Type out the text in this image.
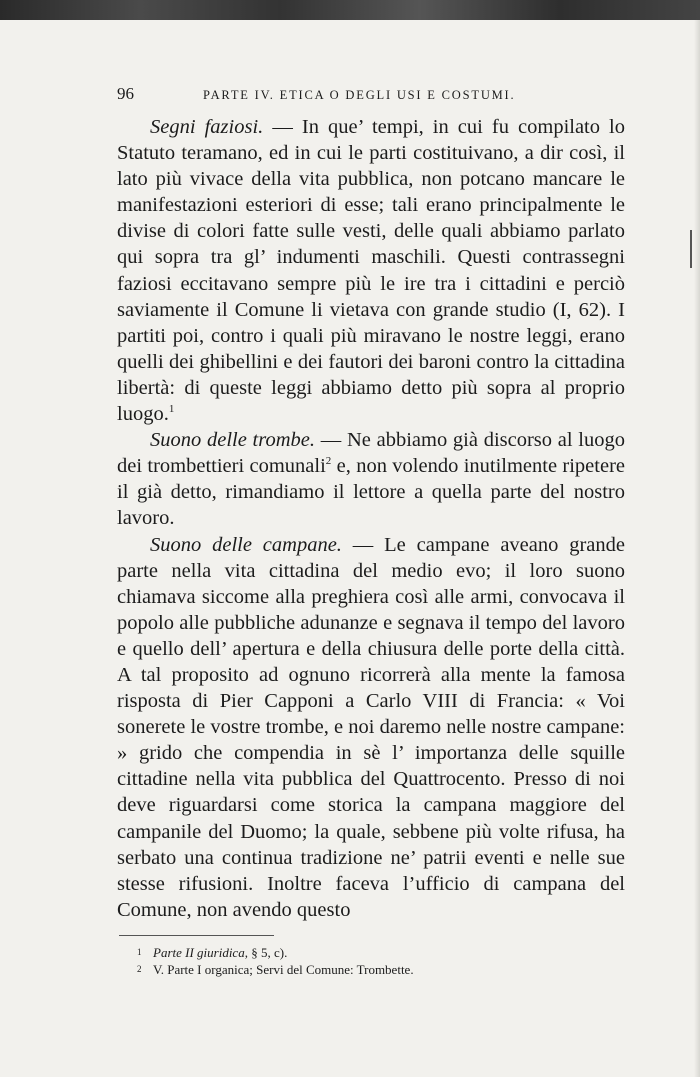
96	PARTE IV. ETICA O DEGLI USI E COSTUMI.

Segni faziosi. — In que’ tempi, in cui fu compilato lo Statuto teramano, ed in cui le parti costituivano, a dir così, il lato più vivace della vita pubblica, non potcano mancare le manifestazioni esteriori di esse; tali erano principalmente le divise di colori fatte sulle vesti, delle quali abbiamo parlato qui sopra tra gl’ indumenti maschili. Questi contrassegni faziosi eccitavano sempre più le ire tra i cittadini e perciò saviamente il Comune li vietava con grande studio (I, 62). I partiti poi, contro i quali più miravano le nostre leggi, erano quelli dei ghibellini e dei fautori dei baroni contro la cittadina libertà: di queste leggi abbiamo detto più sopra al proprio luogo.$^1$

Suono delle trombe. — Ne abbiamo già discorso al luogo dei trombettieri comunali$^2$ e, non volendo inutilmente ripetere il già detto, rimandiamo il lettore a quella parte del nostro lavoro.

Suono delle campane. — Le campane aveano grande parte nella vita cittadina del medio evo; il loro suono chiamava siccome alla preghiera così alle armi, convocava il popolo alle pubbliche adunanze e segnava il tempo del lavoro e quello dell’ apertura e della chiusura delle porte della città. A tal proposito ad ognuno ricorrerà alla mente la famosa risposta di Pier Capponi a Carlo VIII di Francia: « Voi sonerete le vostre trombe, e noi daremo nelle nostre campane: » grido che compendia in sè l’ importanza delle squille cittadine nella vita pubblica del Quattrocento. Presso di noi deve riguardarsi come storica la campana maggiore del campanile del Duomo; la quale, sebbene più volte rifusa, ha serbato una continua tradizione ne’ patrii eventi e nelle sue stesse rifusioni. Inoltre faceva l’ufficio di campana del Comune, non avendo questo

1 Parte II giuridica, § 5, c).
2 V. Parte I organica; Servi del Comune: Trombette.
